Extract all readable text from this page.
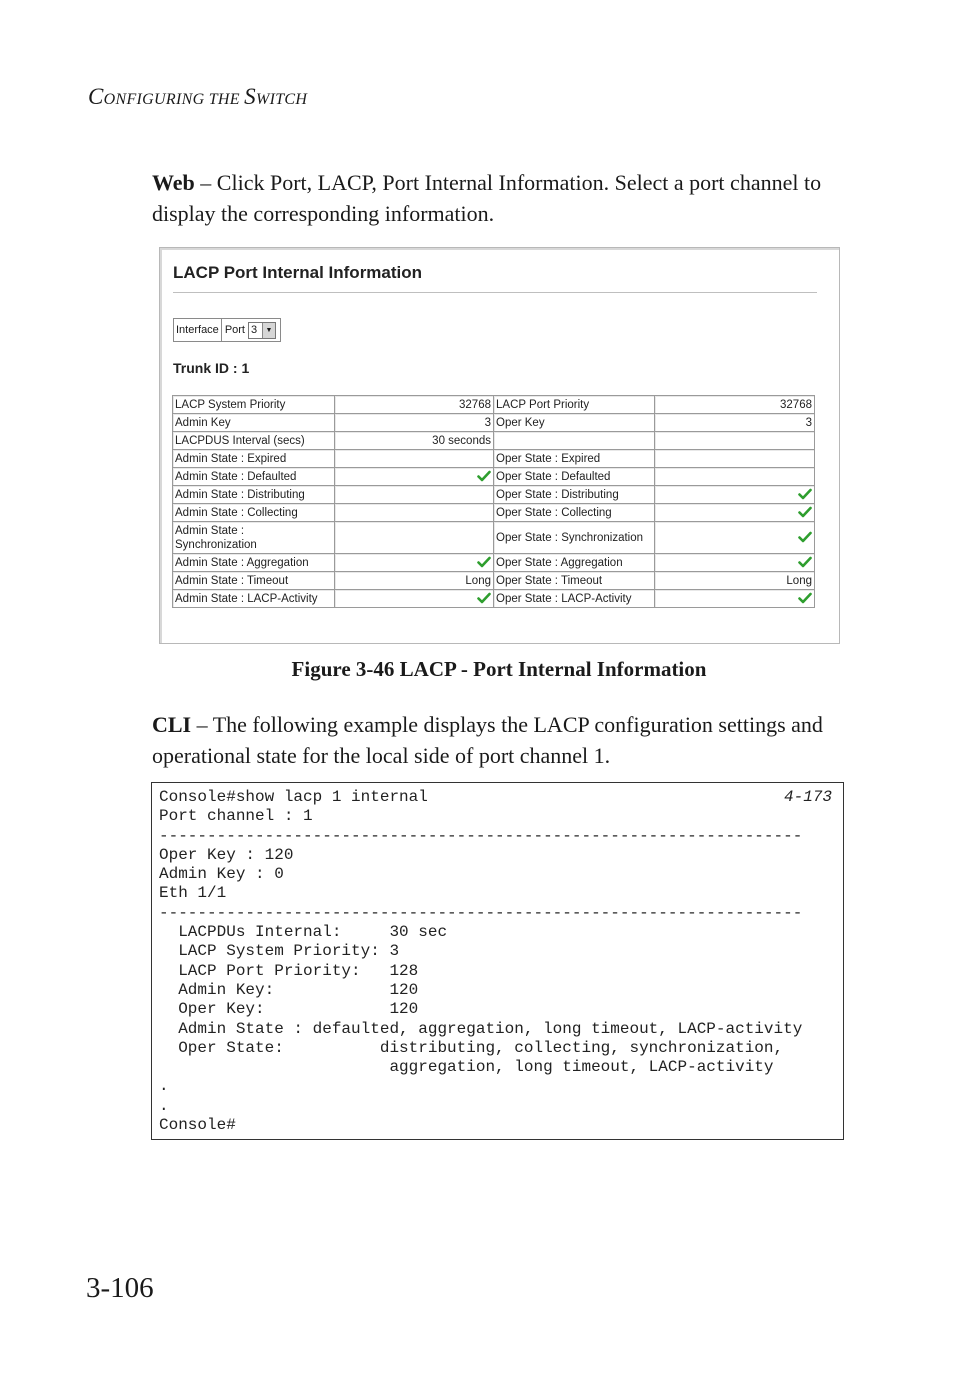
CONFIGURING THE SWITCH
Web – Click Port, LACP, Port Internal Information. Select a port channel to display the corresponding information.
LACP Port Internal Information
Interface Port 3	▼
Trunk ID : 1
LACP System Priority	32768	LACP Port Priority	32768
Admin Key	3	Oper Key	3
LACPDUS Interval (secs)	30 seconds		
Admin State : Expired		Oper State : Expired	
Admin State : Defaulted		Oper State : Defaulted	
Admin State : Distributing		Oper State : Distributing	
Admin State : Collecting		Oper State : Collecting	
Admin State :
Synchronization		Oper State : Synchronization	
Admin State : Aggregation		Oper State : Aggregation	
Admin State : Timeout	Long	Oper State : Timeout	Long
Admin State : LACP-Activity		Oper State : LACP-Activity	
Figure 3-46 LACP - Port Internal Information
CLI – The following example displays the LACP configuration settings and operational state for the local side of port channel 1.
4-173
Console#show lacp 1 internal
Port channel : 1
-------------------------------------------------------------------
Oper Key : 120
Admin Key : 0
Eth 1/1
-------------------------------------------------------------------
LACPDUs Internal:     30 sec
LACP System Priority: 3
LACP Port Priority:   128
Admin Key:            120
Oper Key:             120
Admin State : defaulted, aggregation, long timeout, LACP-activity
Oper State:          distributing, collecting, synchronization,
aggregation, long timeout, LACP-activity
.
.
Console#
3-106
